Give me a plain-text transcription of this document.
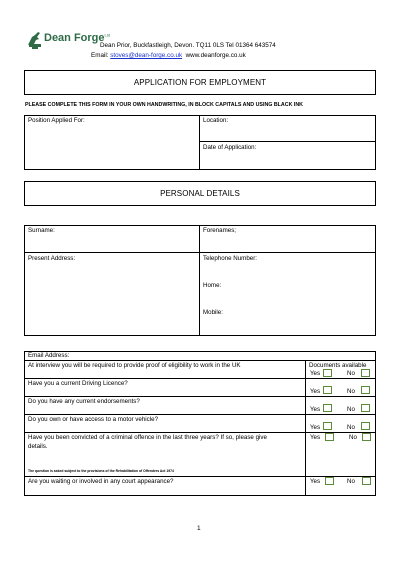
Dean Forge$^{Ltd}$
Dean Prior, Buckfastleigh, Devon. TQ11 0LS Tel 01364 643574
Email: stoves@dean-forge.co.uk www.deanforge.co.uk
APPLICATION FOR EMPLOYMENT
PLEASE COMPLETE THIS FORM IN YOUR OWN HANDWRITING, IN BLOCK CAPITALS AND USING BLACK INK
Position Applied For:	Location:
Date of Application:
PERSONAL DETAILS
Surname:	Forenames;
Present Address:	Telephone Number:
Home:
Mobile:
Email Address:
At interview you will be required to provide proof of eligibility to work in the UK	Documents available
Yes	No
Have you a current Driving Licence?
Yes	No
Do you have any current endorsements?
Yes	No
Do you own or have access to a motor vehicle?
Yes	No
Have you been convicted of a criminal offence in the last three years? If so, please give
details.
The question is asked subject to the provisions of the Rehabilitation of Offenders Act 1974
Yes	No
Are you waiting or involved in any court appearance?	Yes	No
1
